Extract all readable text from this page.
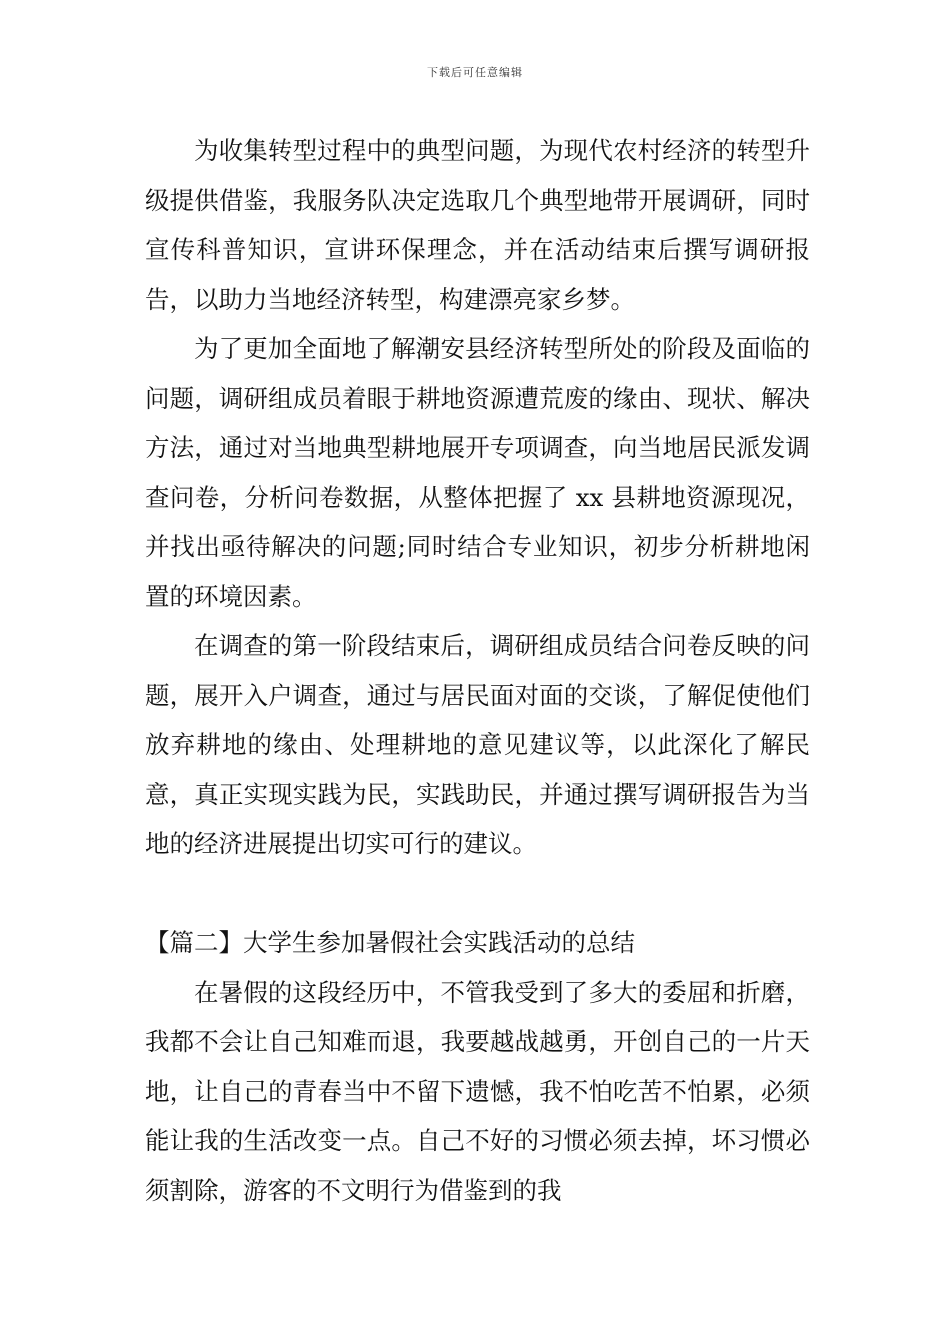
下载后可任意编辑

为收集转型过程中的典型问题，为现代农村经济的转型升级提供借鉴，我服务队决定选取几个典型地带开展调研，同时宣传科普知识，宣讲环保理念，并在活动结束后撰写调研报告，以助力当地经济转型，构建漂亮家乡梦。

为了更加全面地了解潮安县经济转型所处的阶段及面临的问题，调研组成员着眼于耕地资源遭荒废的缘由、现状、解决方法，通过对当地典型耕地展开专项调查，向当地居民派发调查问卷，分析问卷数据，从整体把握了 xx 县耕地资源现况，并找出亟待解决的问题;同时结合专业知识，初步分析耕地闲置的环境因素。

在调查的第一阶段结束后，调研组成员结合问卷反映的问题，展开入户调查，通过与居民面对面的交谈，了解促使他们放弃耕地的缘由、处理耕地的意见建议等，以此深化了解民意，真正实现实践为民，实践助民，并通过撰写调研报告为当地的经济进展提出切实可行的建议。

【篇二】大学生参加暑假社会实践活动的总结

在暑假的这段经历中，不管我受到了多大的委屈和折磨，我都不会让自己知难而退，我要越战越勇，开创自己的一片天地，让自己的青春当中不留下遗憾，我不怕吃苦不怕累，必须能让我的生活改变一点。自己不好的习惯必须去掉，坏习惯必须割除，游客的不文明行为借鉴到的我
